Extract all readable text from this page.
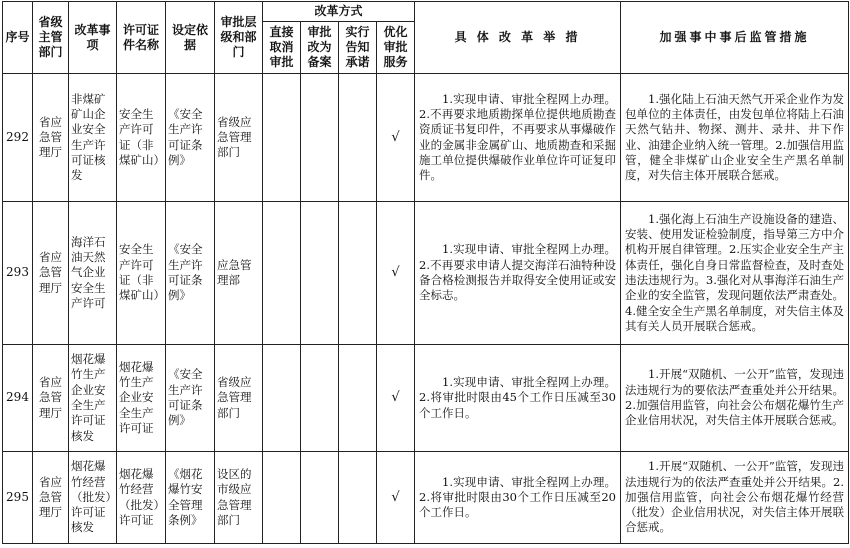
序号	省级主管部门	改革事项	许可证件名称	设定依据	审批层级和部门	改革方式				具 体 改 革 举 措	加强事中事后监管措施
						直接取消审批	审批改为备案	实行告知承诺	优化审批服务		
292	省应急管理厅	非煤矿矿山企业安全生产许可证核发	安全生产许可证（非煤矿山）	《安全生产许可证条例》	省级应急管理部门				√	1.实现申请、审批全程网上办理。2.不再要求地质勘探单位提供地质勘查资质证书复印件，不再要求从事爆破作业的金属非金属矿山、地质勘查和采掘施工单位提供爆破作业单位许可证复印件。	1.强化陆上石油天然气开采企业作为发包单位的主体责任，由发包单位将陆上石油天然气钻井、物探、测井、录井、井下作业、油建企业纳入统一管理。2.加强信用监管，健全非煤矿山企业安全生产黑名单制度，对失信主体开展联合惩戒。
293	省应急管理厅	海洋石油天然气企业安全生产许可	安全生产许可证（非煤矿山）	《安全生产许可证条例》	应急管理部				√	1.实现申请、审批全程网上办理。2.不再要求申请人提交海洋石油特种设备合格检测报告并取得安全使用证或安全标志。	1.强化海上石油生产设施设备的建造、安装、使用发证检验制度，指导第三方中介机构开展自律管理。2.压实企业安全生产主体责任，强化自身日常监督检查，及时查处违法违规行为。3.强化对从事海洋石油生产企业的安全监管，发现问题依法严肃查处。4.健全安全生产黑名单制度，对失信主体及其有关人员开展联合惩戒。
294	省应急管理厅	烟花爆竹生产企业安全生产许可证核发	烟花爆竹生产企业安全生产许可证	《安全生产许可证条例》	省级应急管理部门				√	1.实现申请、审批全程网上办理。2.将审批时限由45个工作日压减至30个工作日。	1.开展“双随机、一公开”监管，发现违法违规行为的要依法严查重处并公开结果。2.加强信用监管，向社会公布烟花爆竹生产企业信用状况，对失信主体开展联合惩戒。
295	省应急管理厅	烟花爆竹经营（批发）许可证核发	烟花爆竹经营（批发）许可证	《烟花爆竹安全管理条例》	设区的市级应急管理部门				√	1.实现申请、审批全程网上办理。2.将审批时限由30个工作日压减至20个工作日。	1.开展“双随机、一公开”监管，发现违法违规行为的依法严查重处并公开结果。2.加强信用监管，向社会公布烟花爆竹经营（批发）企业信用状况，对失信主体开展联合惩戒。
